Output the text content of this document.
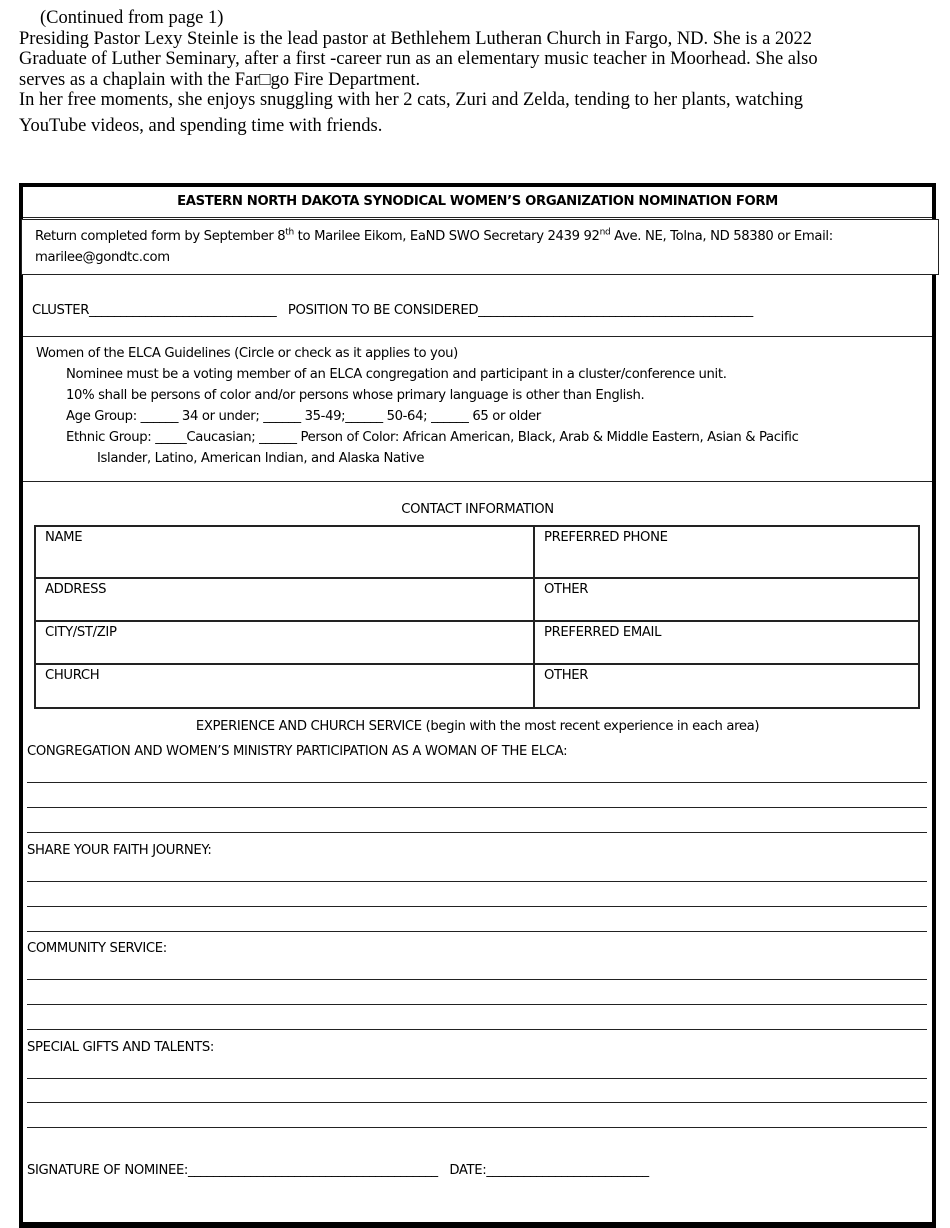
(Continued from page 1)

Presiding Pastor Lexy Steinle is the lead pastor at Bethlehem Lutheran Church in Fargo, ND. She is a 2022

Graduate of Luther Seminary, after a first -career run as an elementary music teacher in Moorhead. She also

serves as a chaplain with the Far□go Fire Department.

In her free moments, she enjoys snuggling with her 2 cats, Zuri and Zelda, tending to her plants, watching

YouTube videos, and spending time with friends.

EASTERN NORTH DAKOTA SYNODICAL WOMEN’S ORGANIZATION NOMINATION FORM
Return completed form by September 8th to Marilee Eikom, EaND SWO Secretary 2439 92nd Ave. NE, Tolna, ND 58380 or Email:
marilee@gondtc.com
CLUSTER______________________________ POSITION TO BE CONSIDERED____________________________________________
Women of the ELCA Guidelines (Circle or check as it applies to you)
Nominee must be a voting member of an ELCA congregation and participant in a cluster/conference unit.
10% shall be persons of color and/or persons whose primary language is other than English.
Age Group: ______ 34 or under; ______ 35-49;______ 50-64; ______ 65 or older
Ethnic Group: _____Caucasian; ______ Person of Color: African American, Black, Arab & Middle Eastern, Asian & Pacific
Islander, Latino, American Indian, and Alaska Native
CONTACT INFORMATION
NAME	PREFERRED PHONE
ADDRESS	OTHER
CITY/ST/ZIP	PREFERRED EMAIL
CHURCH	OTHER
EXPERIENCE AND CHURCH SERVICE (begin with the most recent experience in each area)
CONGREGATION AND WOMEN’S MINISTRY PARTICIPATION AS A WOMAN OF THE ELCA:
SHARE YOUR FAITH JOURNEY:
COMMUNITY SERVICE:
SPECIAL GIFTS AND TALENTS:
SIGNATURE OF NOMINEE:________________________________________ DATE:__________________________
